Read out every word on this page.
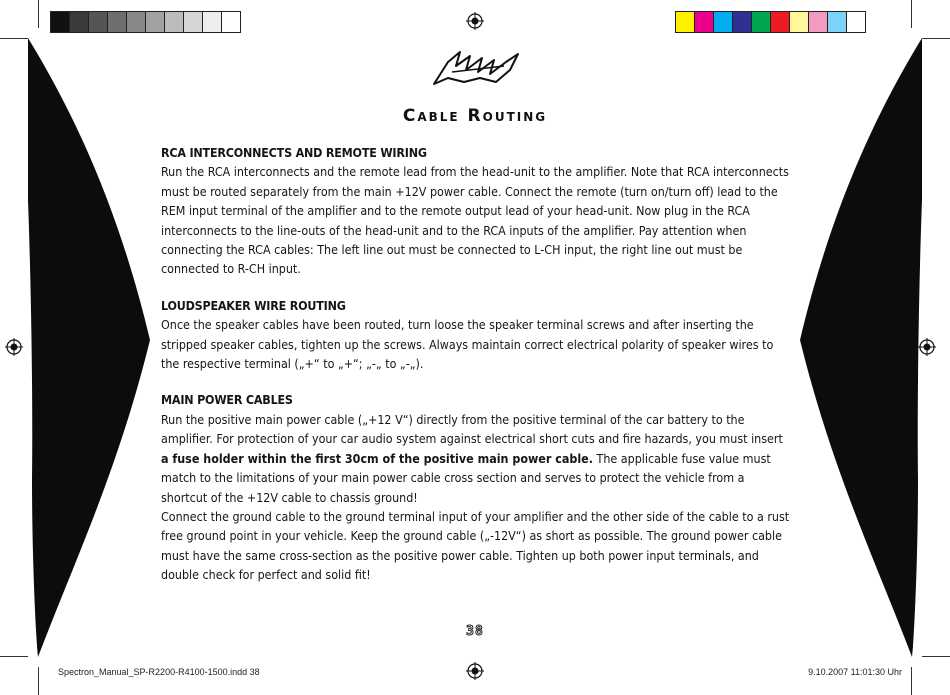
Cable Routing
RCA INTERCONNECTS AND REMOTE WIRING

Run the RCA interconnects and the remote lead from the head-unit to the amplifier. Note that RCA interconnects must be routed separately from the main +12V power cable. Connect the remote (turn on/turn off) lead to the REM input terminal of the amplifier and to the remote output lead of your head-unit. Now plug in the RCA interconnects to the line-outs of the head-unit and to the RCA inputs of the amplifier. Pay attention when connecting the RCA cables: The left line out must be connected to L-CH input, the right line out must be connected to R-CH input.

LOUDSPEAKER WIRE ROUTING

Once the speaker cables have been routed, turn loose the speaker terminal screws and after inserting the stripped speaker cables, tighten up the screws. Always maintain correct electrical polarity of speaker wires to the respective terminal („+“ to „+“; „-„ to „-„).

MAIN POWER CABLES

Run the positive main power cable („+12 V“) directly from the positive terminal of the car battery to the amplifier. For protection of your car audio system against electrical short cuts and fire hazards, you must insert a fuse holder within the first 30cm of the positive main power cable. The applicable fuse value must match to the limitations of your main power cable cross section and serves to protect the vehicle from a shortcut of the +12V cable to chassis ground!

Connect the ground cable to the ground terminal input of your amplifier and the other side of the cable to a rust free ground point in your vehicle. Keep the ground cable („-12V“) as short as possible. The ground power cable must have the same cross-section as the positive power cable. Tighten up both power input terminals, and double check for perfect and solid fit!

38
Spectron_Manual_SP-R2200-R4100-1500.indd 38	9.10.2007 11:01:30 Uhr
